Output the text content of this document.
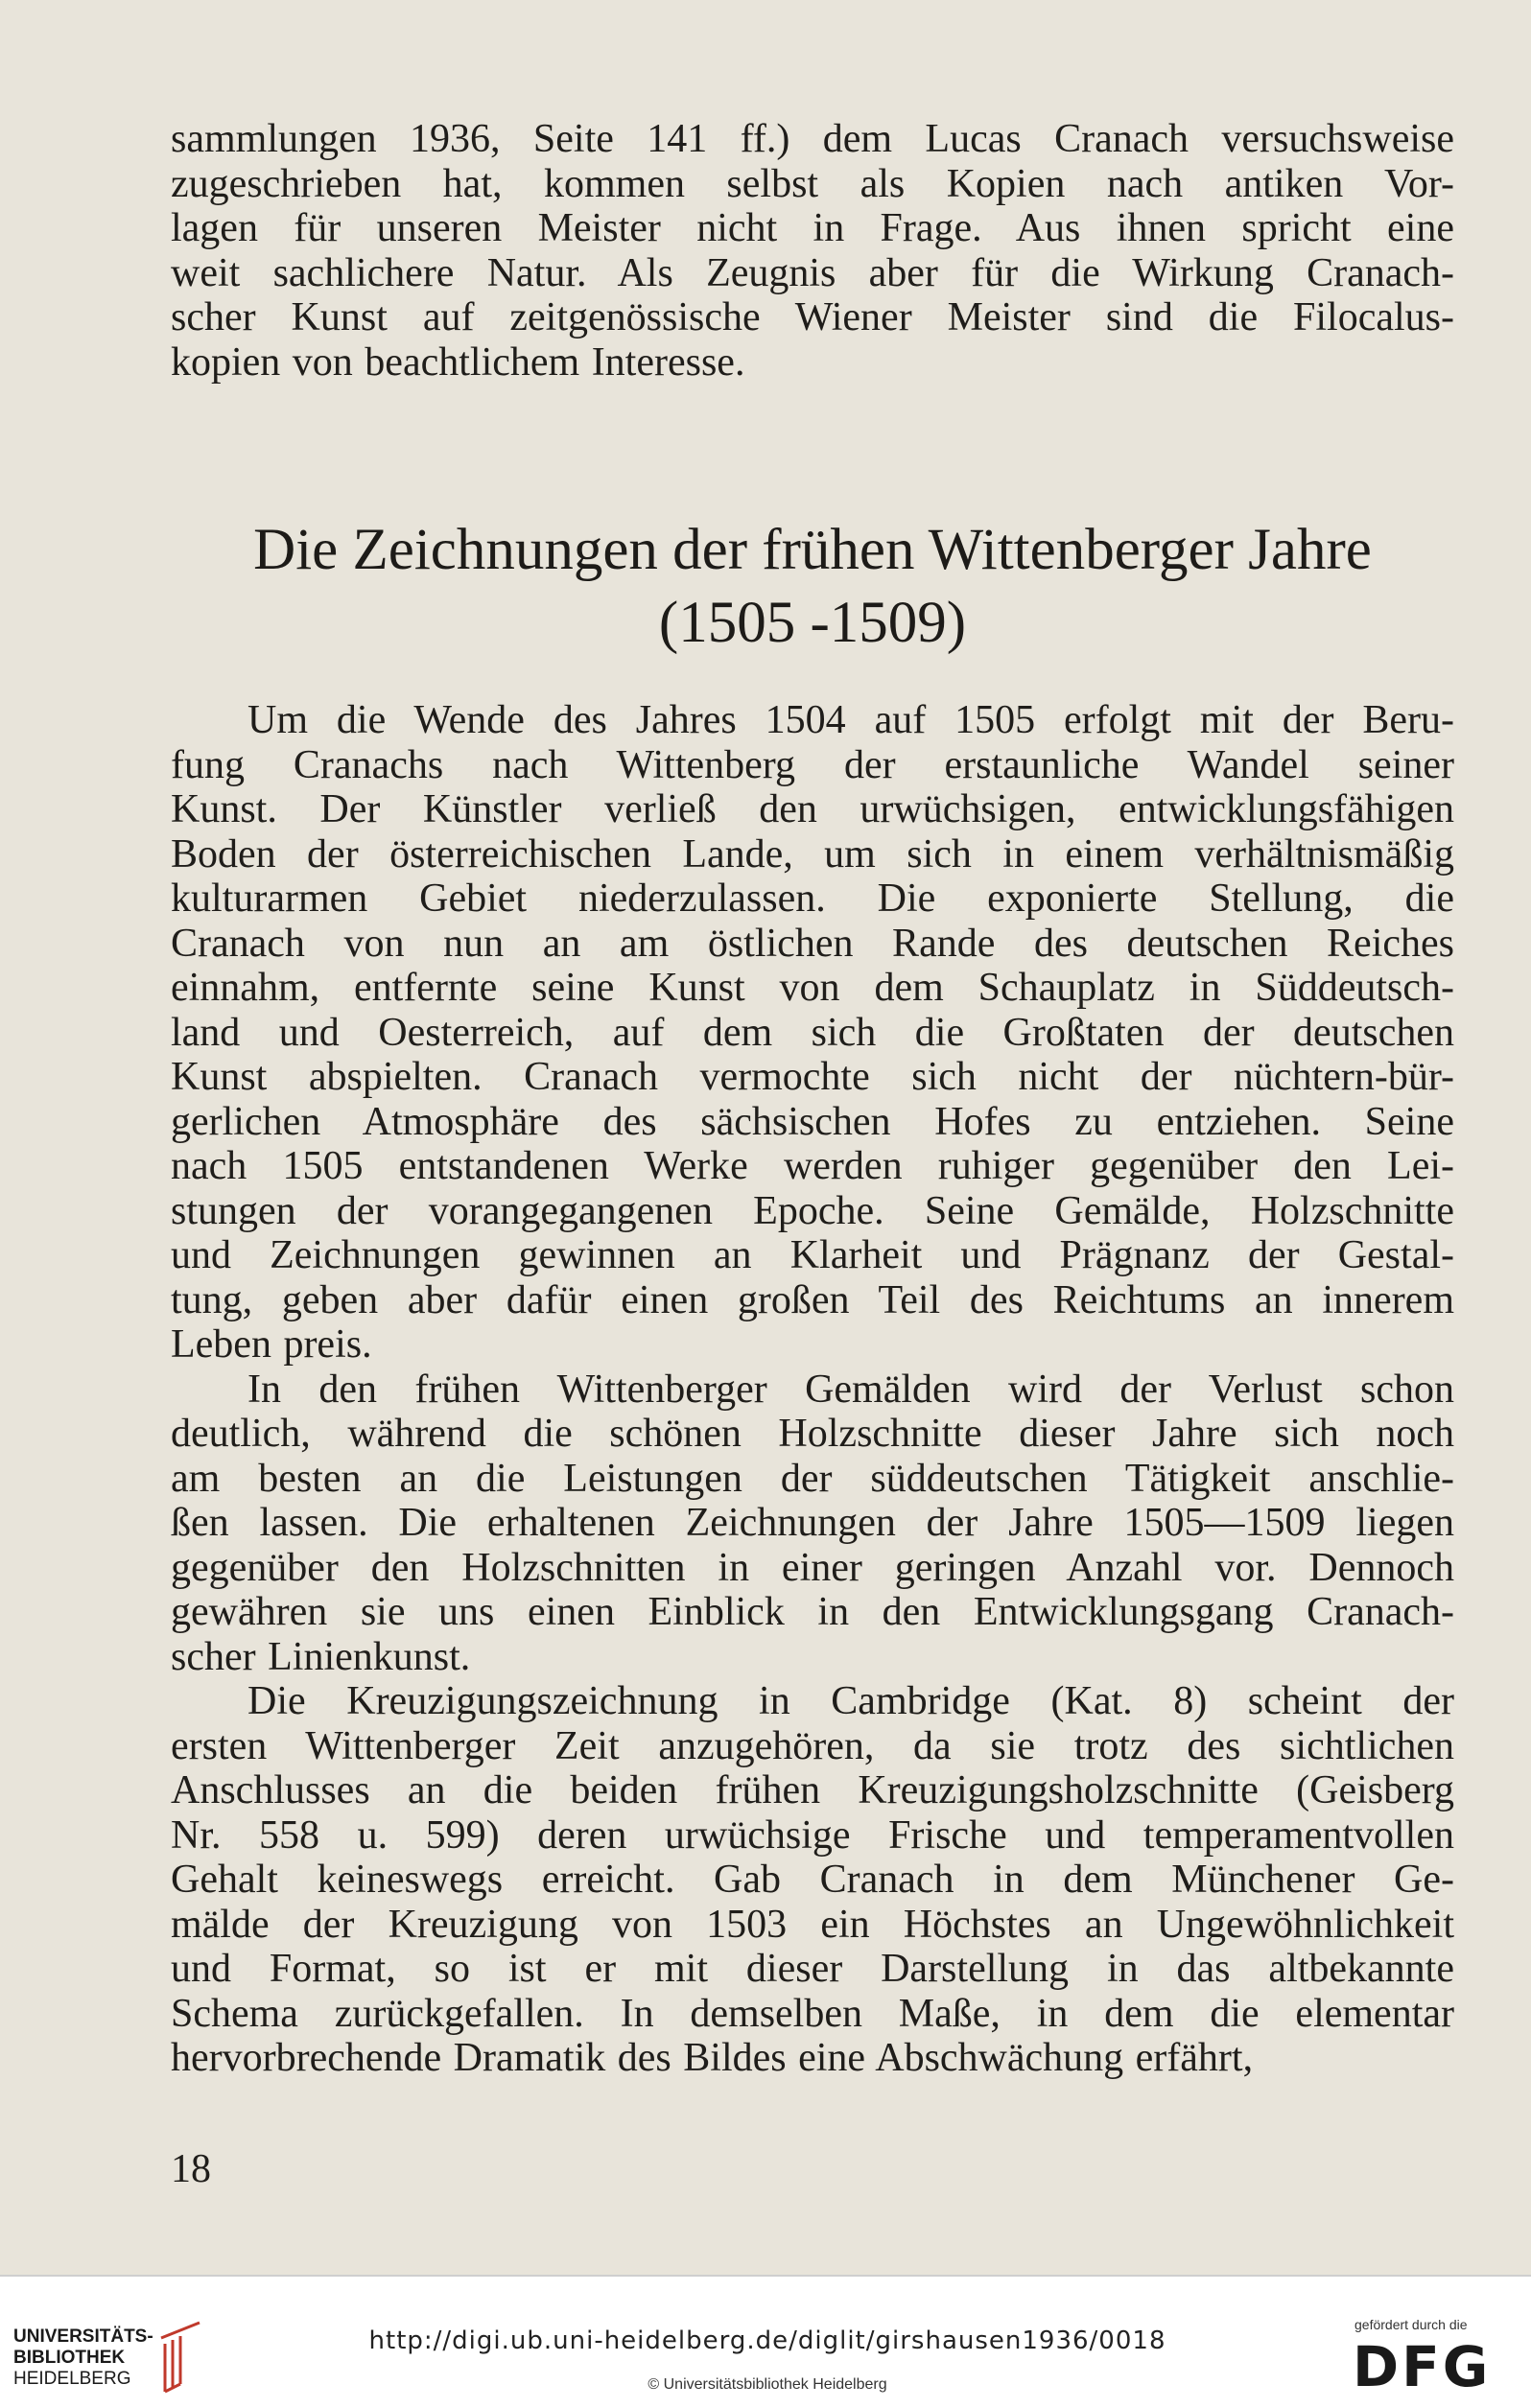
sammlungen 1936, Seite 141 ff.) dem Lucas Cranach versuchsweise
zugeschrieben hat, kommen selbst als Kopien nach antiken Vor-
lagen für unseren Meister nicht in Frage. Aus ihnen spricht eine
weit sachlichere Natur. Als Zeugnis aber für die Wirkung Cranach-
scher Kunst auf zeitgenössische Wiener Meister sind die Filocalus-
kopien von beachtlichem Interesse.

Die Zeichnungen der frühen Wittenberger Jahre
(1505 -1509)

Um die Wende des Jahres 1504 auf 1505 erfolgt mit der Beru-
fung Cranachs nach Wittenberg der erstaunliche Wandel seiner
Kunst. Der Künstler verließ den urwüchsigen, entwicklungsfähigen
Boden der österreichischen Lande, um sich in einem verhältnismäßig
kulturarmen Gebiet niederzulassen. Die exponierte Stellung, die
Cranach von nun an am östlichen Rande des deutschen Reiches
einnahm, entfernte seine Kunst von dem Schauplatz in Süddeutsch-
land und Oesterreich, auf dem sich die Großtaten der deutschen
Kunst abspielten. Cranach vermochte sich nicht der nüchtern-bür-
gerlichen Atmosphäre des sächsischen Hofes zu entziehen. Seine
nach 1505 entstandenen Werke werden ruhiger gegenüber den Lei-
stungen der vorangegangenen Epoche. Seine Gemälde, Holzschnitte
und Zeichnungen gewinnen an Klarheit und Prägnanz der Gestal-
tung, geben aber dafür einen großen Teil des Reichtums an innerem
Leben preis.

In den frühen Wittenberger Gemälden wird der Verlust schon
deutlich, während die schönen Holzschnitte dieser Jahre sich noch
am besten an die Leistungen der süddeutschen Tätigkeit anschlie-
ßen lassen. Die erhaltenen Zeichnungen der Jahre 1505—1509 liegen
gegenüber den Holzschnitten in einer geringen Anzahl vor. Dennoch
gewähren sie uns einen Einblick in den Entwicklungsgang Cranach-
scher Linienkunst.

Die Kreuzigungszeichnung in Cambridge (Kat. 8) scheint der
ersten Wittenberger Zeit anzugehören, da sie trotz des sichtlichen
Anschlusses an die beiden frühen Kreuzigungsholzschnitte (Geisberg
Nr. 558 u. 599) deren urwüchsige Frische und temperamentvollen
Gehalt keineswegs erreicht. Gab Cranach in dem Münchener Ge-
mälde der Kreuzigung von 1503 ein Höchstes an Ungewöhnlichkeit
und Format, so ist er mit dieser Darstellung in das altbekannte
Schema zurückgefallen. In demselben Maße, in dem die elementar
hervorbrechende Dramatik des Bildes eine Abschwächung erfährt,

18
UNIVERSITÄTS-
BIBLIOTHEK
HEIDELBERG
http://digi.ub.uni-heidelberg.de/diglit/girshausen1936/0018
© Universitätsbibliothek Heidelberg
gefördert durch die
DFG
